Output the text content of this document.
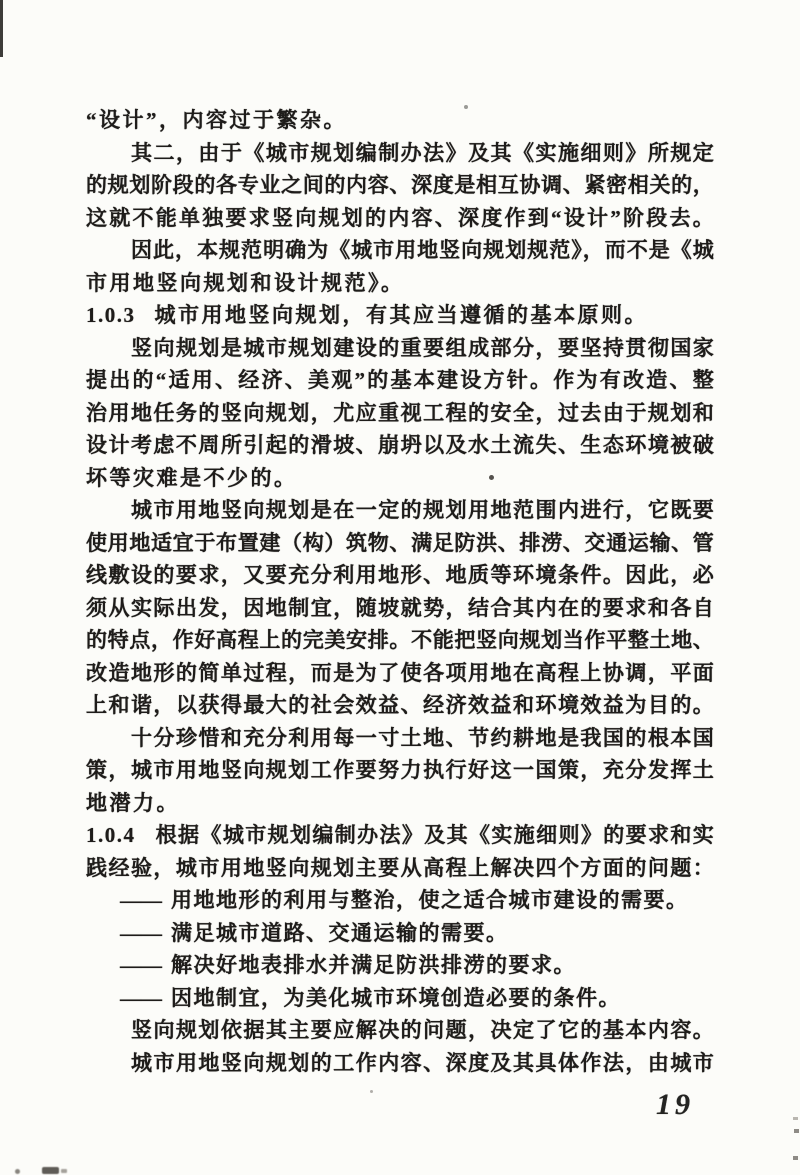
“设计”，内容过于繁杂。
其二，由于《城市规划编制办法》及其《实施细则》所规定
的规划阶段的各专业之间的内容、深度是相互协调、紧密相关的，
这就不能单独要求竖向规划的内容、深度作到“设计”阶段去。
因此，本规范明确为《城市用地竖向规划规范》，而不是《城
市用地竖向规划和设计规范》。
1.0.3 城市用地竖向规划，有其应当遵循的基本原则。
竖向规划是城市规划建设的重要组成部分，要坚持贯彻国家
提出的“适用、经济、美观”的基本建设方针。作为有改造、整
治用地任务的竖向规划，尤应重视工程的安全，过去由于规划和
设计考虑不周所引起的滑坡、崩坍以及水土流失、生态环境被破
坏等灾难是不少的。
城市用地竖向规划是在一定的规划用地范围内进行，它既要
使用地适宜于布置建（构）筑物、满足防洪、排涝、交通运输、管
线敷设的要求，又要充分利用地形、地质等环境条件。因此，必
须从实际出发，因地制宜，随坡就势，结合其内在的要求和各自
的特点，作好高程上的完美安排。不能把竖向规划当作平整土地、
改造地形的简单过程，而是为了使各项用地在高程上协调，平面
上和谐，以获得最大的社会效益、经济效益和环境效益为目的。
十分珍惜和充分利用每一寸土地、节约耕地是我国的根本国
策，城市用地竖向规划工作要努力执行好这一国策，充分发挥土
地潜力。
1.0.4 根据《城市规划编制办法》及其《实施细则》的要求和实
践经验，城市用地竖向规划主要从高程上解决四个方面的问题：
—— 用地地形的利用与整治，使之适合城市建设的需要。
—— 满足城市道路、交通运输的需要。
—— 解决好地表排水并满足防洪排涝的要求。
—— 因地制宜，为美化城市环境创造必要的条件。
竖向规划依据其主要应解决的问题，决定了它的基本内容。
城市用地竖向规划的工作内容、深度及其具体作法，由城市
19
